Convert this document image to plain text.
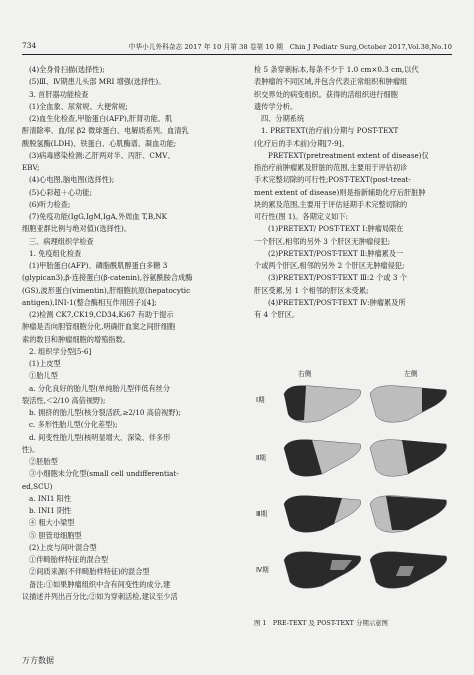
734	中华小儿外科杂志 2017 年 10 月第 38 卷第 10 期　Chin J Pediatr Surg,October 2017,Vol.38,No.10
(4)全身骨扫描(选择性);
(5)Ⅲ、Ⅳ期患儿头部 MRI 增强(选择性)。
3. 首肝器功能检查
(1)全血象、尿常规、大便常规;
(2)血生化检查,甲胎蛋白(AFP),肝肾功能、肌
酐清除率、血/尿 β2 微球蛋白、电解质系列、血清乳
酸脱氢酶(LDH)、铁蛋白、心肌酶谱、凝血功能;
(3)病毒感染检测:乙肝两对半、丙肝、CMV、
EBV;
(4)心电图,脑电图(选择性);
(5)心彩超＋心功能;
(6)听力检查;
(7)免疫功能(IgG,IgM,IgA,外周血 T,B,NK
细胞亚群比例与绝对值)(选择性)。
三、病理组织学检查
1. 免疫组化检查
(1)甲胎蛋白(AFP)、磷脂酰肌醇蛋白多糖 3
(glypican3),β-连接蛋白(β-catenin),谷氨酰胺合成酶
(GS),波形蛋白(vimentin),肝细胞抗原(hepatocytic
antigen),INI-1(整合酶相互作用因子)[4];
(2)检测 CK7,CK19,CD34,Ki67 有助于提示
肿瘤是否向胆管细胞分化,明确肝血窦之间肝细胞
索的数目和肿瘤细胞的增殖指数。
2. 组织学分型[5-6]
(1)上皮型
①胎儿型
a. 分化良好的胎儿型(单纯胎儿型伴低有丝分
裂活性,＜2/10 高倍视野);
b. 拥挤的胎儿型(核分裂活跃,≥2/10 高倍视野);
c. 多形性胎儿型(分化差型);
d. 间变性胎儿型(核明显增大、深染、伴多形
性)。
②胚胎型
③小细胞未分化型(small cell undifferentiat-
ed,SCU)
a. INI1 阳性
b. INI1 阴性
④ 粗大小梁型
⑤ 胆管母细胞型
(2)上皮与间叶混合型
①伴畸胎样特征的混合型
②间质来源(不伴畸胎样特征)的混合型
备注:①如果肿瘤组织中含有间变性的成分,建
议描述并列出百分比;②如为穿刺活检,建议至少活
检 5 条穿刺标本,每条不少于 1.0 cm×0.3 cm,以代
表肿瘤的不同区域,并包含代表正常组织和肿瘤组
织交界处的病变组织。获得的活组织进行细胞
遗传学分析。
四、分期系统
1. PRETEXT(治疗前)分期与 POST-TEXT
(化疗后的手术前)分期[7-9]。
PRETEXT(pretreatment extent of disease)仅
指治疗前肿瘤累及肝脏的范围,主要用于评估初诊
手术完整切除的可行性;POST-TEXT(post-treat-
ment extent of disease)则是指新辅助化疗后肝脏肿
块的累及范围,主要用于评估延期手术完整切除的
可行性(图 1)。各期定义如下:
(1)PRETEXT/ POST-TEXT Ⅰ:肿瘤局限在
一个肝区,相邻的另外 3 个肝区无肿瘤侵犯;
(2)PRETEXT/POST-TEXT Ⅱ:肿瘤累及一
个或两个肝区,相邻的另外 2 个肝区无肿瘤侵犯;
(3)PRETEXT/POST-TEXT Ⅲ:2 个或 3 个
肝区受累,另 1 个相邻的肝区未受累;
(4)PRETEXT/POST-TEXT Ⅳ:肿瘤累及所
有 4 个肝区。
右侧	左侧
Ⅰ期
Ⅱ期
Ⅲ期
Ⅳ期
图 1　PRE-TEXT 及 POST-TEXT 分期示意图
万方数据
